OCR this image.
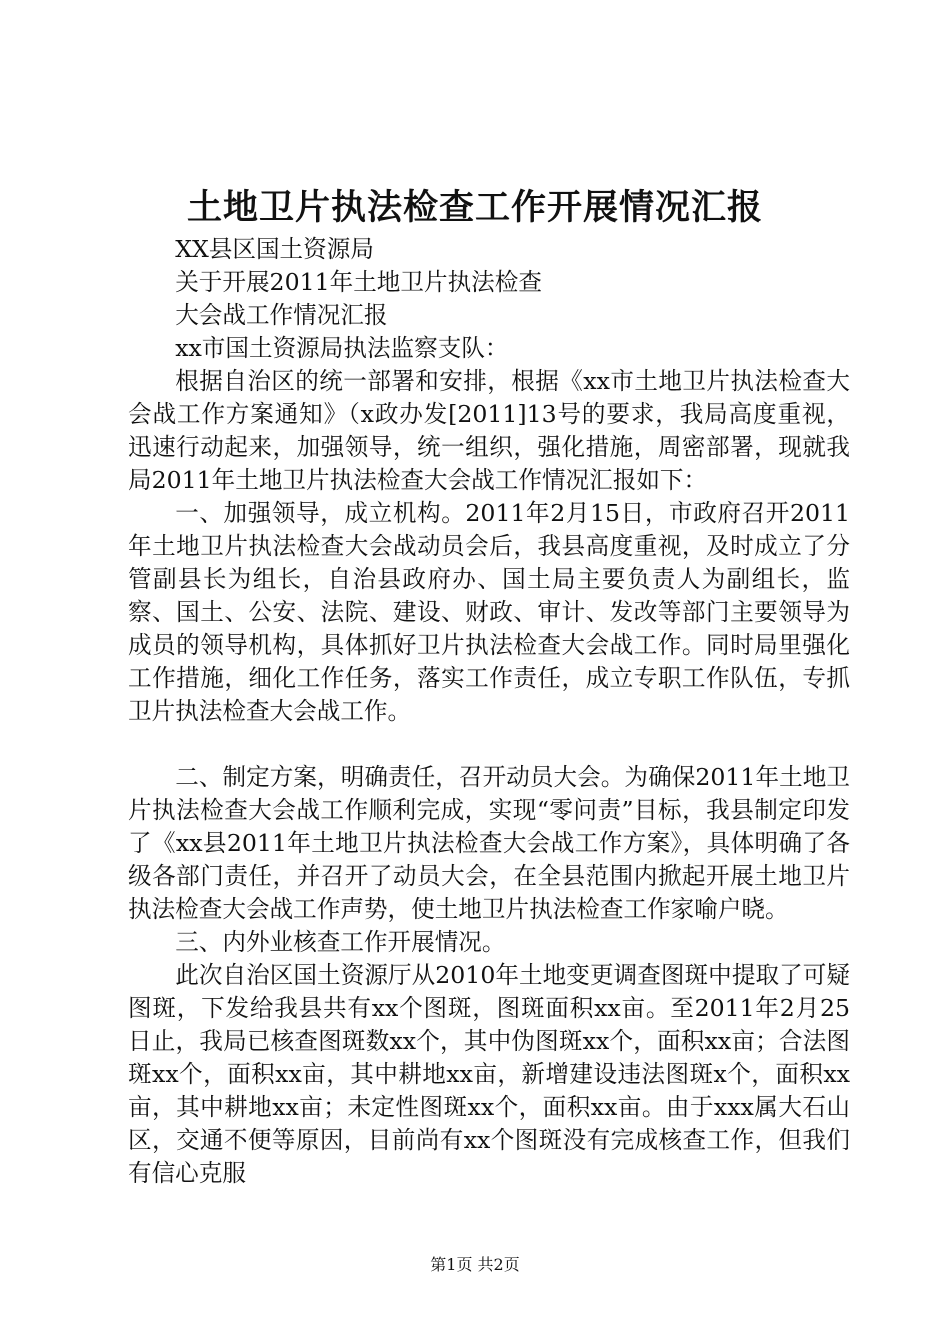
土地卫片执法检查工作开展情况汇报

XX县区国土资源局

关于开展2011年土地卫片执法检查

大会战工作情况汇报

xx市国土资源局执法监察支队：

根据自治区的统一部署和安排，根据《xx市土地卫片执法检查大会战工作方案通知》（x政办发[2011]13号的要求，我局高度重视，迅速行动起来，加强领导，统一组织，强化措施，周密部署，现就我局2011年土地卫片执法检查大会战工作情况汇报如下：

一、加强领导，成立机构。2011年2月15日，市政府召开2011年土地卫片执法检查大会战动员会后，我县高度重视，及时成立了分管副县长为组长，自治县政府办、国土局主要负责人为副组长，监察、国土、公安、法院、建设、财政、审计、发改等部门主要领导为成员的领导机构，具体抓好卫片执法检查大会战工作。同时局里强化工作措施，细化工作任务，落实工作责任，成立专职工作队伍，专抓卫片执法检查大会战工作。

二、制定方案，明确责任，召开动员大会。为确保2011年土地卫片执法检查大会战工作顺利完成，实现“零问责”目标，我县制定印发了《xx县2011年土地卫片执法检查大会战工作方案》，具体明确了各级各部门责任，并召开了动员大会，在全县范围内掀起开展土地卫片执法检查大会战工作声势，使土地卫片执法检查工作家喻户晓。

三、内外业核查工作开展情况。

此次自治区国土资源厅从2010年土地变更调查图斑中提取了可疑图斑，下发给我县共有xx个图斑，图斑面积xx亩。至2011年2月25日止，我局已核查图斑数xx个，其中伪图斑xx个，面积xx亩；合法图斑xx个，面积xx亩，其中耕地xx亩，新增建设违法图斑x个，面积xx亩，其中耕地xx亩；未定性图斑xx个，面积xx亩。由于xxx属大石山区，交通不便等原因，目前尚有xx个图斑没有完成核查工作，但我们有信心克服

第1页 共2页
